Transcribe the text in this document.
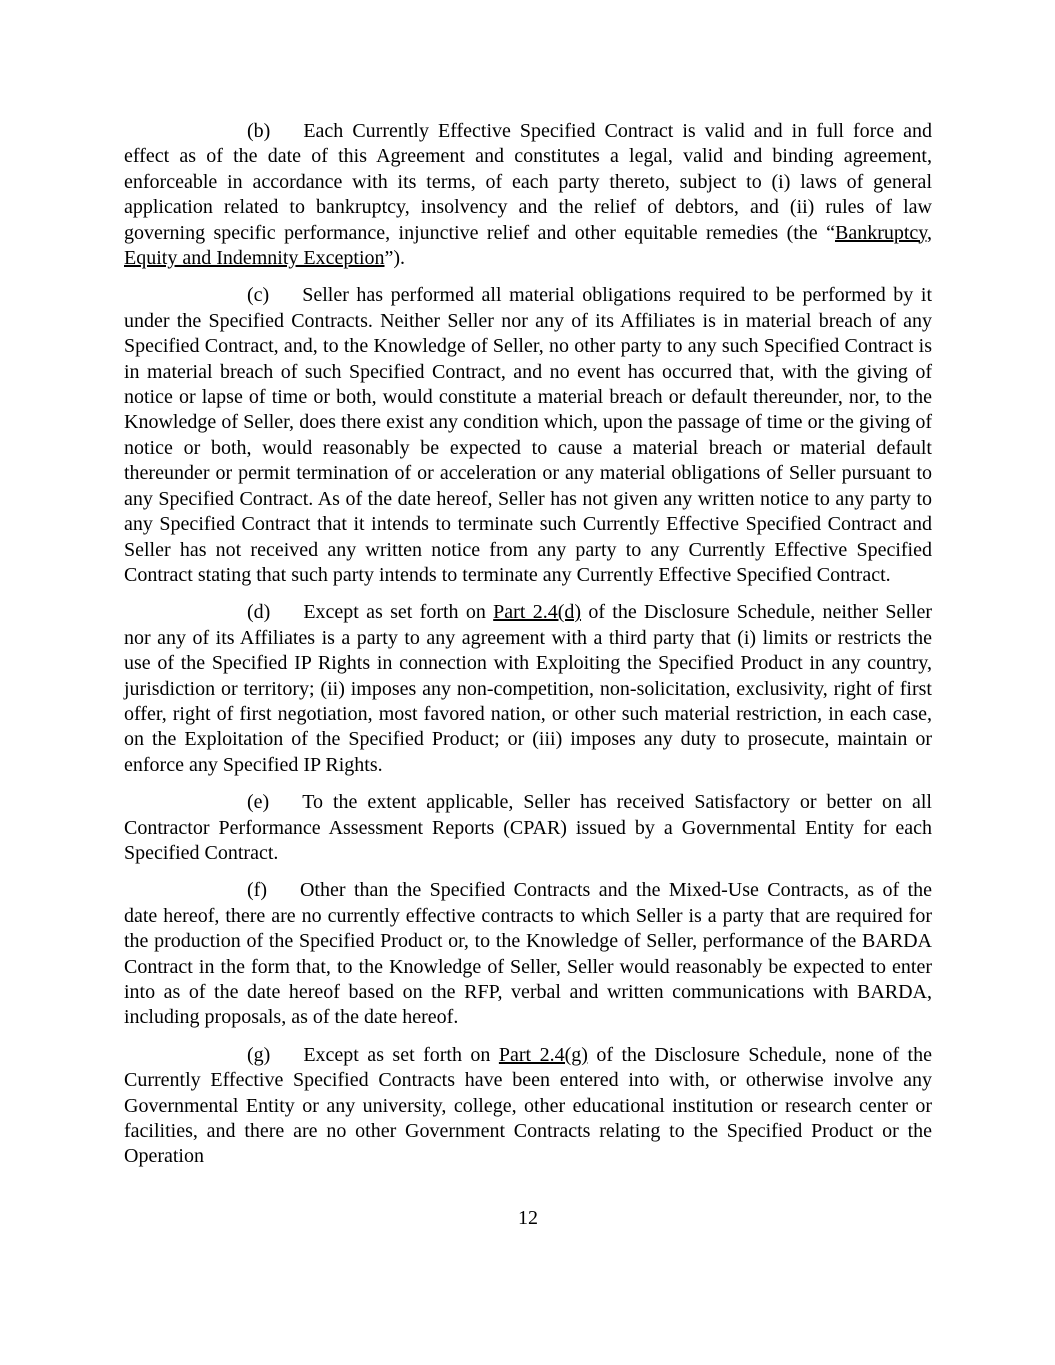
(b) Each Currently Effective Specified Contract is valid and in full force and effect as of the date of this Agreement and constitutes a legal, valid and binding agreement, enforceable in accordance with its terms, of each party thereto, subject to (i) laws of general application related to bankruptcy, insolvency and the relief of debtors, and (ii) rules of law governing specific performance, injunctive relief and other equitable remedies (the “Bankruptcy, Equity and Indemnity Exception”).

(c) Seller has performed all material obligations required to be performed by it under the Specified Contracts. Neither Seller nor any of its Affiliates is in material breach of any Specified Contract, and, to the Knowledge of Seller, no other party to any such Specified Contract is in material breach of such Specified Contract, and no event has occurred that, with the giving of notice or lapse of time or both, would constitute a material breach or default thereunder, nor, to the Knowledge of Seller, does there exist any condition which, upon the passage of time or the giving of notice or both, would reasonably be expected to cause a material breach or material default thereunder or permit termination of or acceleration or any material obligations of Seller pursuant to any Specified Contract. As of the date hereof, Seller has not given any written notice to any party to any Specified Contract that it intends to terminate such Currently Effective Specified Contract and Seller has not received any written notice from any party to any Currently Effective Specified Contract stating that such party intends to terminate any Currently Effective Specified Contract.

(d) Except as set forth on Part 2.4(d) of the Disclosure Schedule, neither Seller nor any of its Affiliates is a party to any agreement with a third party that (i) limits or restricts the use of the Specified IP Rights in connection with Exploiting the Specified Product in any country, jurisdiction or territory; (ii) imposes any non-competition, non-solicitation, exclusivity, right of first offer, right of first negotiation, most favored nation, or other such material restriction, in each case, on the Exploitation of the Specified Product; or (iii) imposes any duty to prosecute, maintain or enforce any Specified IP Rights.

(e) To the extent applicable, Seller has received Satisfactory or better on all Contractor Performance Assessment Reports (CPAR) issued by a Governmental Entity for each Specified Contract.

(f) Other than the Specified Contracts and the Mixed-Use Contracts, as of the date hereof, there are no currently effective contracts to which Seller is a party that are required for the production of the Specified Product or, to the Knowledge of Seller, performance of the BARDA Contract in the form that, to the Knowledge of Seller, Seller would reasonably be expected to enter into as of the date hereof based on the RFP, verbal and written communications with BARDA, including proposals, as of the date hereof.

(g) Except as set forth on Part 2.4(g) of the Disclosure Schedule, none of the Currently Effective Specified Contracts have been entered into with, or otherwise involve any Governmental Entity or any university, college, other educational institution or research center or facilities, and there are no other Government Contracts relating to the Specified Product or the Operation

12
